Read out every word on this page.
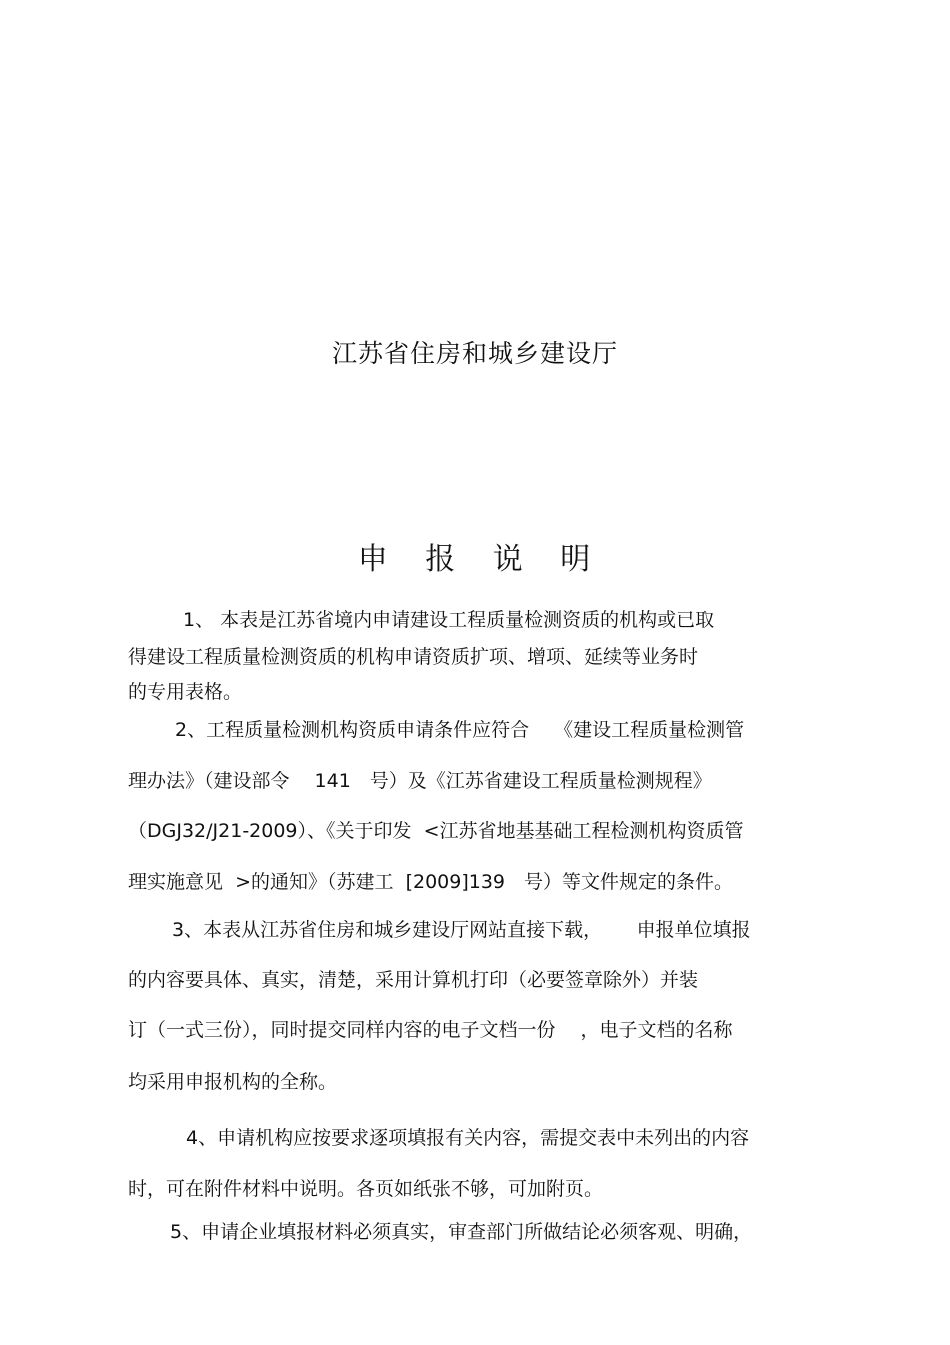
江苏省住房和城乡建设厅
申 报 说 明
1、 本表是江苏省境内申请建设工程质量检测资质的机构或已取
得建设工程质量检测资质的机构申请资质扩项、增项、延续等业务时
的专用表格。
2、工程质量检测机构资质申请条件应符合　 《建设工程质量检测管
理办法》（建设部令　 141　号）及《江苏省建设工程质量检测规程》
（DGJ32/J21-2009）、《关于印发  <江苏省地基基础工程检测机构资质管
理实施意见  >的通知》（苏建工  [2009]139　号）等文件规定的条件。
3、本表从江苏省住房和城乡建设厅网站直接下载，　　 申报单位填报
的内容要具体、真实，清楚，采用计算机打印（必要签章除外）并装
订（一式三份），同时提交同样内容的电子文档一份　 ，电子文档的名称
均采用申报机构的全称。
4、申请机构应按要求逐项填报有关内容，需提交表中未列出的内容
时，可在附件材料中说明。各页如纸张不够，可加附页。
5、申请企业填报材料必须真实，审查部门所做结论必须客观、明确，
